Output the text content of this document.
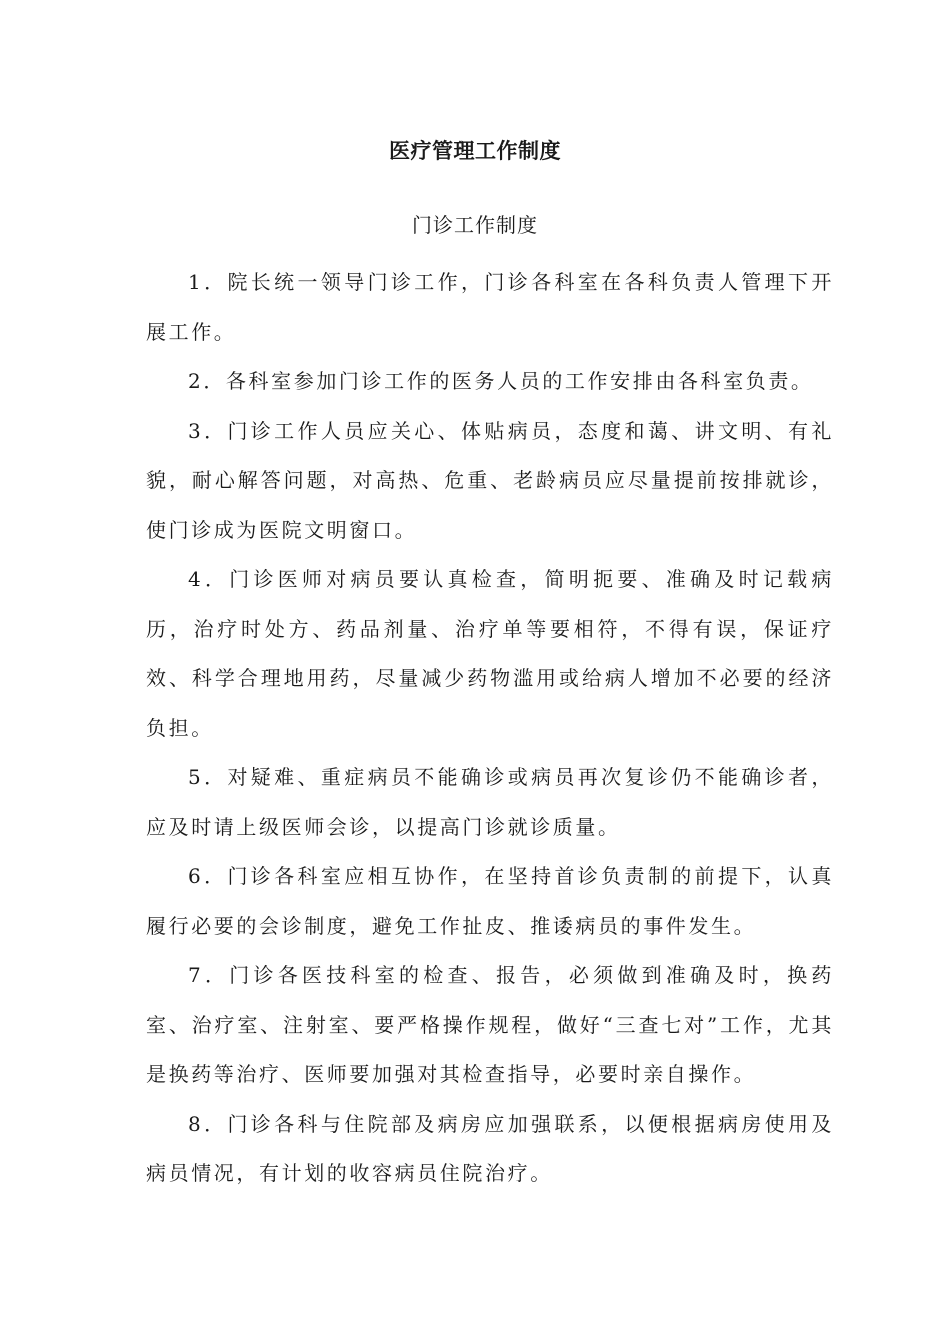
医疗管理工作制度
门诊工作制度

1．院长统一领导门诊工作，门诊各科室在各科负责人管理下开展工作。

2．各科室参加门诊工作的医务人员的工作安排由各科室负责。

3．门诊工作人员应关心、体贴病员，态度和蔼、讲文明、有礼貌，耐心解答问题，对高热、危重、老龄病员应尽量提前按排就诊，使门诊成为医院文明窗口。

4．门诊医师对病员要认真检查，简明扼要、准确及时记载病历，治疗时处方、药品剂量、治疗单等要相符，不得有误，保证疗效、科学合理地用药，尽量减少药物滥用或给病人增加不必要的经济负担。

5．对疑难、重症病员不能确诊或病员再次复诊仍不能确诊者，应及时请上级医师会诊，以提高门诊就诊质量。

6．门诊各科室应相互协作，在坚持首诊负责制的前提下，认真履行必要的会诊制度，避免工作扯皮、推诿病员的事件发生。

7．门诊各医技科室的检查、报告，必须做到准确及时，换药室、治疗室、注射室、要严格操作规程，做好“三查七对”工作，尤其是换药等治疗、医师要加强对其检查指导，必要时亲自操作。

8．门诊各科与住院部及病房应加强联系，以便根据病房使用及病员情况，有计划的收容病员住院治疗。
